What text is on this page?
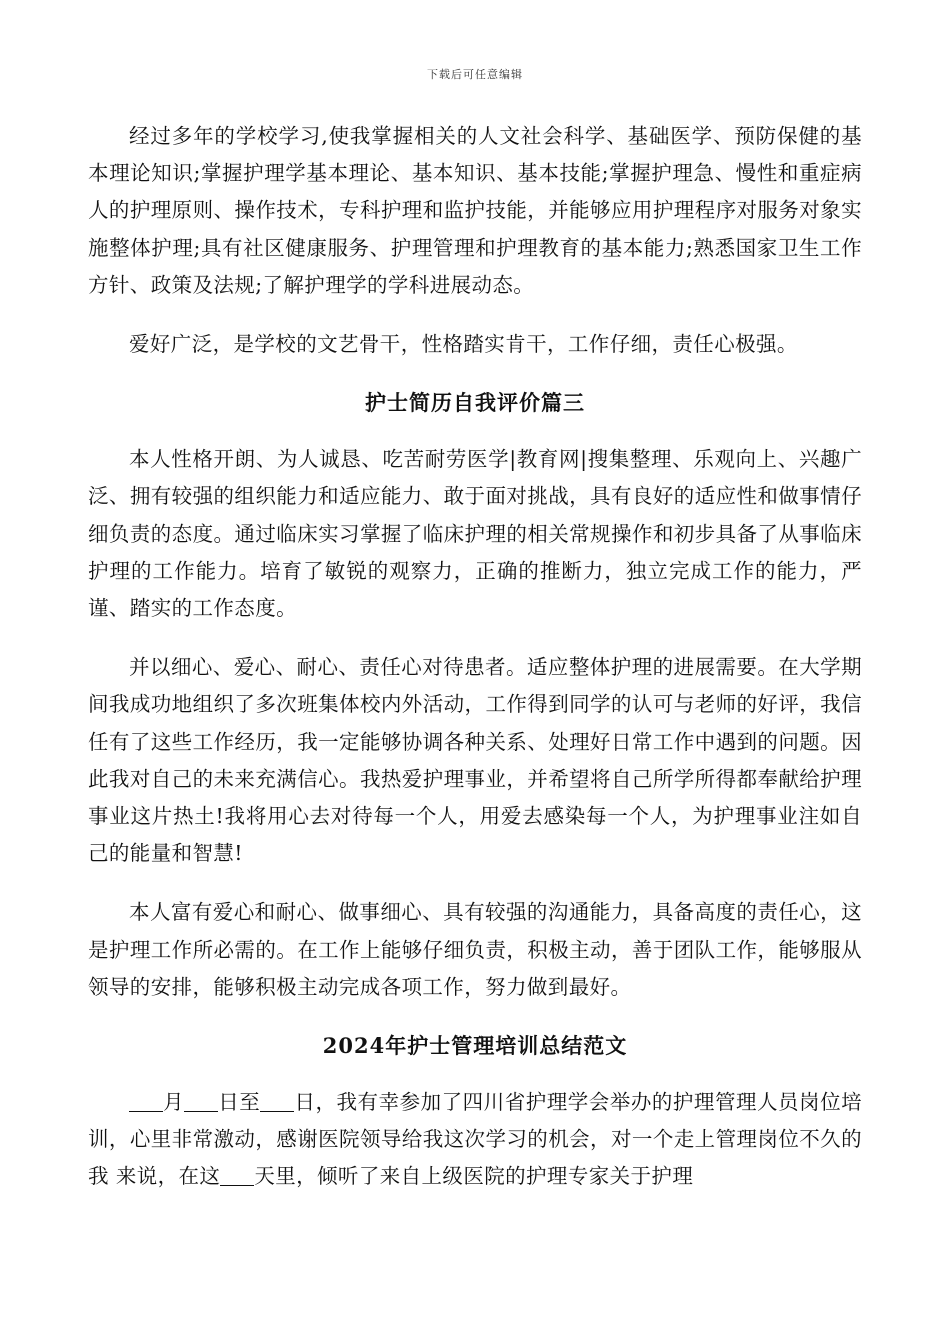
下载后可任意编辑

经过多年的学校学习,使我掌握相关的人文社会科学、基础医学、预防保健的基本理论知识;掌握护理学基本理论、基本知识、基本技能;掌握护理急、慢性和重症病人的护理原则、操作技术，专科护理和监护技能，并能够应用护理程序对服务对象实施整体护理;具有社区健康服务、护理管理和护理教育的基本能力;熟悉国家卫生工作方针、政策及法规;了解护理学的学科进展动态。

爱好广泛，是学校的文艺骨干，性格踏实肯干，工作仔细，责任心极强。

护士简历自我评价篇三

本人性格开朗、为人诚恳、吃苦耐劳医学|教育网|搜集整理、乐观向上、兴趣广泛、拥有较强的组织能力和适应能力、敢于面对挑战，具有良好的适应性和做事情仔细负责的态度。通过临床实习掌握了临床护理的相关常规操作和初步具备了从事临床护理的工作能力。培育了敏锐的观察力，正确的推断力，独立完成工作的能力，严谨、踏实的工作态度。

并以细心、爱心、耐心、责任心对待患者。适应整体护理的进展需要。在大学期间我成功地组织了多次班集体校内外活动，工作得到同学的认可与老师的好评，我信任有了这些工作经历，我一定能够协调各种关系、处理好日常工作中遇到的问题。因此我对自己的未来充满信心。我热爱护理事业，并希望将自己所学所得都奉献给护理事业这片热土!我将用心去对待每一个人，用爱去感染每一个人，为护理事业注如自己的能量和智慧!

本人富有爱心和耐心、做事细心、具有较强的沟通能力，具备高度的责任心，这是护理工作所必需的。在工作上能够仔细负责，积极主动，善于团队工作，能够服从领导的安排，能够积极主动完成各项工作，努力做到最好。

2024年护士管理培训总结范文

月 日至 日，我有幸参加了四川省护理学会举办的护理管理人员岗位培训，心里非常激动，感谢医院领导给我这次学习的机会，对一个走上管理岗位不久的我 来说，在这 天里，倾听了来自上级医院的护理专家关于护理
